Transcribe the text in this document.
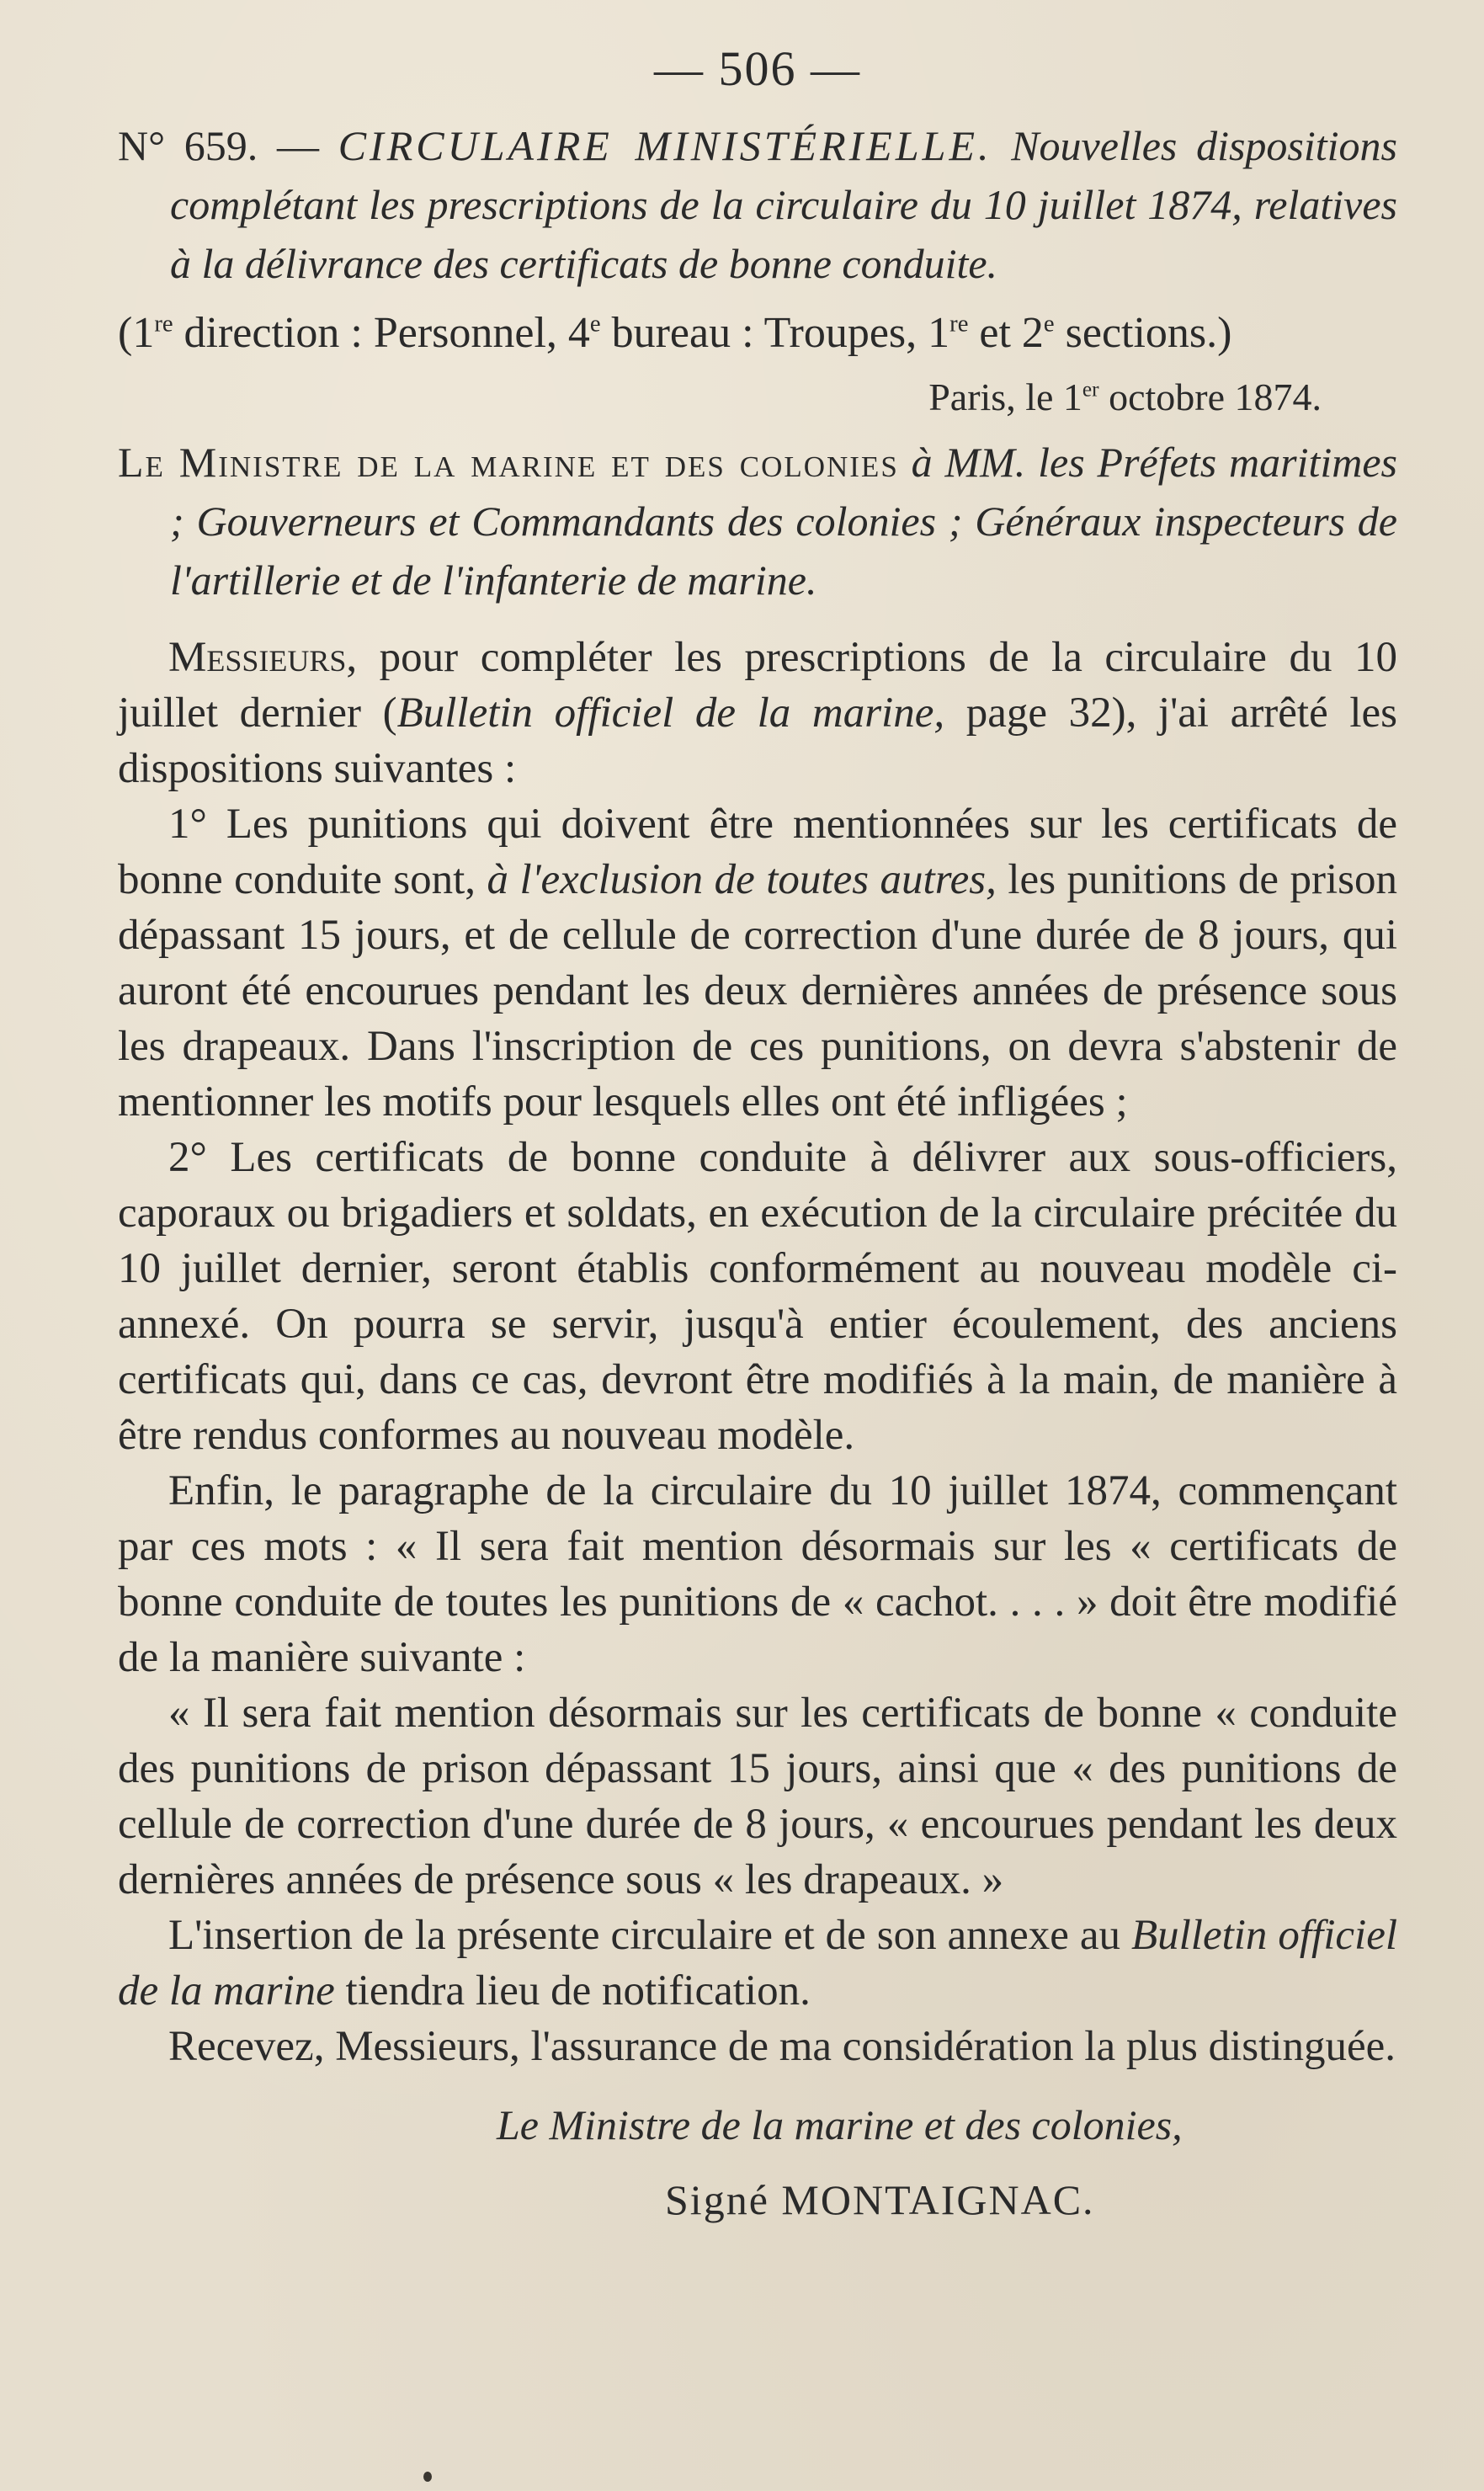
— 506 —

N° 659. — CIRCULAIRE MINISTÉRIELLE. Nouvelles dispositions complétant les prescriptions de la circulaire du 10 juillet 1874, relatives à la délivrance des certificats de bonne conduite.

(1re direction : Personnel, 4e bureau : Troupes, 1re et 2e sections.)
Paris, le 1er octobre 1874.

Le Ministre de la marine et des colonies à MM. les Préfets maritimes ; Gouverneurs et Commandants des colonies ; Généraux inspecteurs de l'artillerie et de l'infanterie de marine.

Messieurs, pour compléter les prescriptions de la circulaire du 10 juillet dernier (Bulletin officiel de la marine, page 32), j'ai arrêté les dispositions suivantes :

1° Les punitions qui doivent être mentionnées sur les certificats de bonne conduite sont, à l'exclusion de toutes autres, les punitions de prison dépassant 15 jours, et de cellule de correction d'une durée de 8 jours, qui auront été encourues pendant les deux dernières années de présence sous les drapeaux. Dans l'inscription de ces punitions, on devra s'abstenir de mentionner les motifs pour lesquels elles ont été infligées ;

2° Les certificats de bonne conduite à délivrer aux sous-officiers, caporaux ou brigadiers et soldats, en exécution de la circulaire précitée du 10 juillet dernier, seront établis conformément au nouveau modèle ci-annexé. On pourra se servir, jusqu'à entier écoulement, des anciens certificats qui, dans ce cas, devront être modifiés à la main, de manière à être rendus conformes au nouveau modèle.

Enfin, le paragraphe de la circulaire du 10 juillet 1874, commençant par ces mots : « Il sera fait mention désormais sur les « certificats de bonne conduite de toutes les punitions de « cachot. . . . » doit être modifié de la manière suivante :

« Il sera fait mention désormais sur les certificats de bonne « conduite des punitions de prison dépassant 15 jours, ainsi que « des punitions de cellule de correction d'une durée de 8 jours, « encourues pendant les deux dernières années de présence sous « les drapeaux. »

L'insertion de la présente circulaire et de son annexe au Bulletin officiel de la marine tiendra lieu de notification.

Recevez, Messieurs, l'assurance de ma considération la plus distinguée.

Le Ministre de la marine et des colonies,
Signé MONTAIGNAC.
